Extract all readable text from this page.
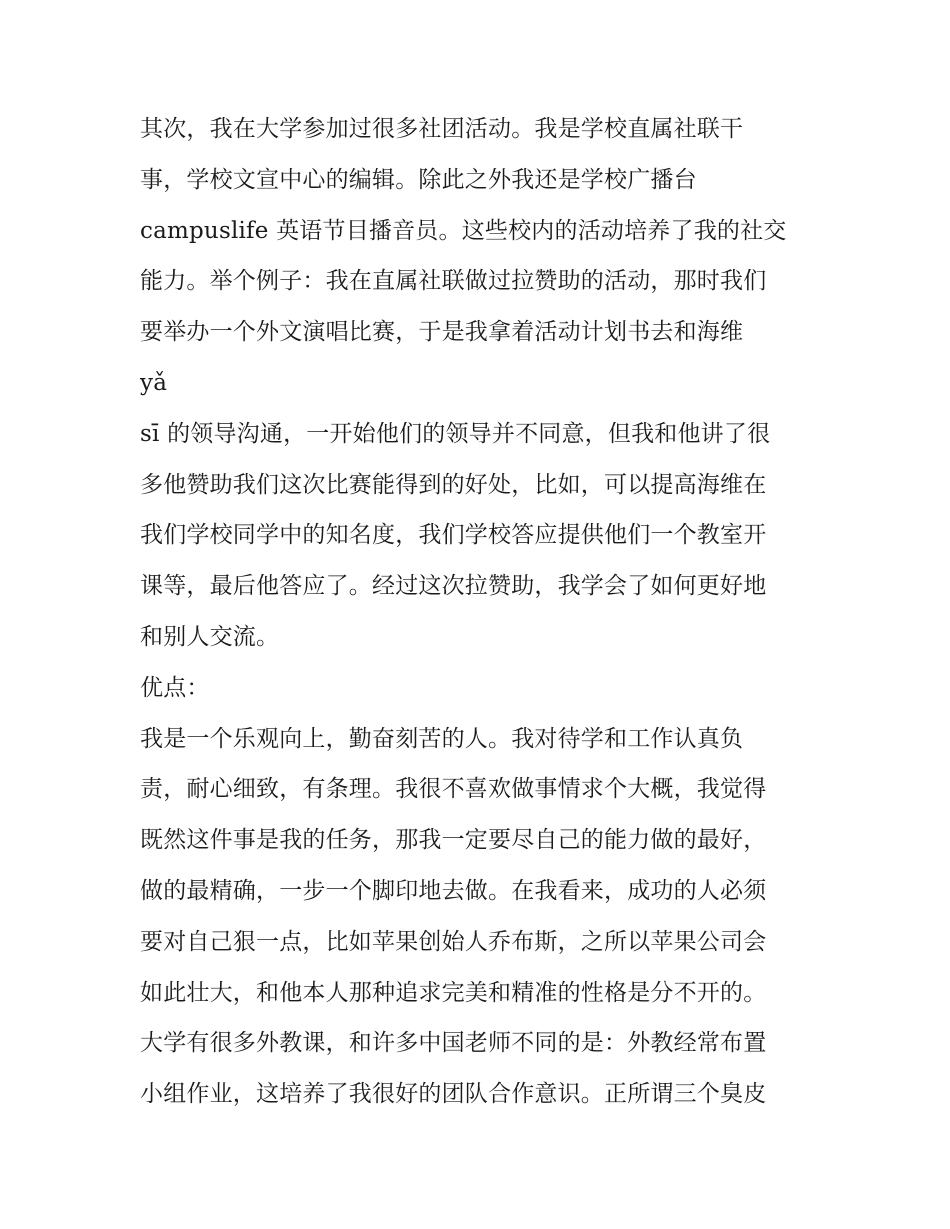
其次，我在大学参加过很多社团活动。我是学校直属社联干
事，学校文宣中心的编辑。除此之外我还是学校广播台
campuslife 英语节目播音员。这些校内的活动培养了我的社交
能力。举个例子：我在直属社联做过拉赞助的活动，那时我们
要举办一个外文演唱比赛，于是我拿着活动计划书去和海维
yǎ
sī 的领导沟通，一开始他们的领导并不同意，但我和他讲了很
多他赞助我们这次比赛能得到的好处，比如，可以提高海维在
我们学校同学中的知名度，我们学校答应提供他们一个教室开
课等，最后他答应了。经过这次拉赞助，我学会了如何更好地
和别人交流。
优点：
我是一个乐观向上，勤奋刻苦的人。我对待学和工作认真负
责，耐心细致，有条理。我很不喜欢做事情求个大概，我觉得
既然这件事是我的任务，那我一定要尽自己的能力做的最好，
做的最精确，一步一个脚印地去做。在我看来，成功的人必须
要对自己狠一点，比如苹果创始人乔布斯，之所以苹果公司会
如此壮大，和他本人那种追求完美和精准的性格是分不开的。
大学有很多外教课，和许多中国老师不同的是：外教经常布置
小组作业，这培养了我很好的团队合作意识。正所谓三个臭皮
